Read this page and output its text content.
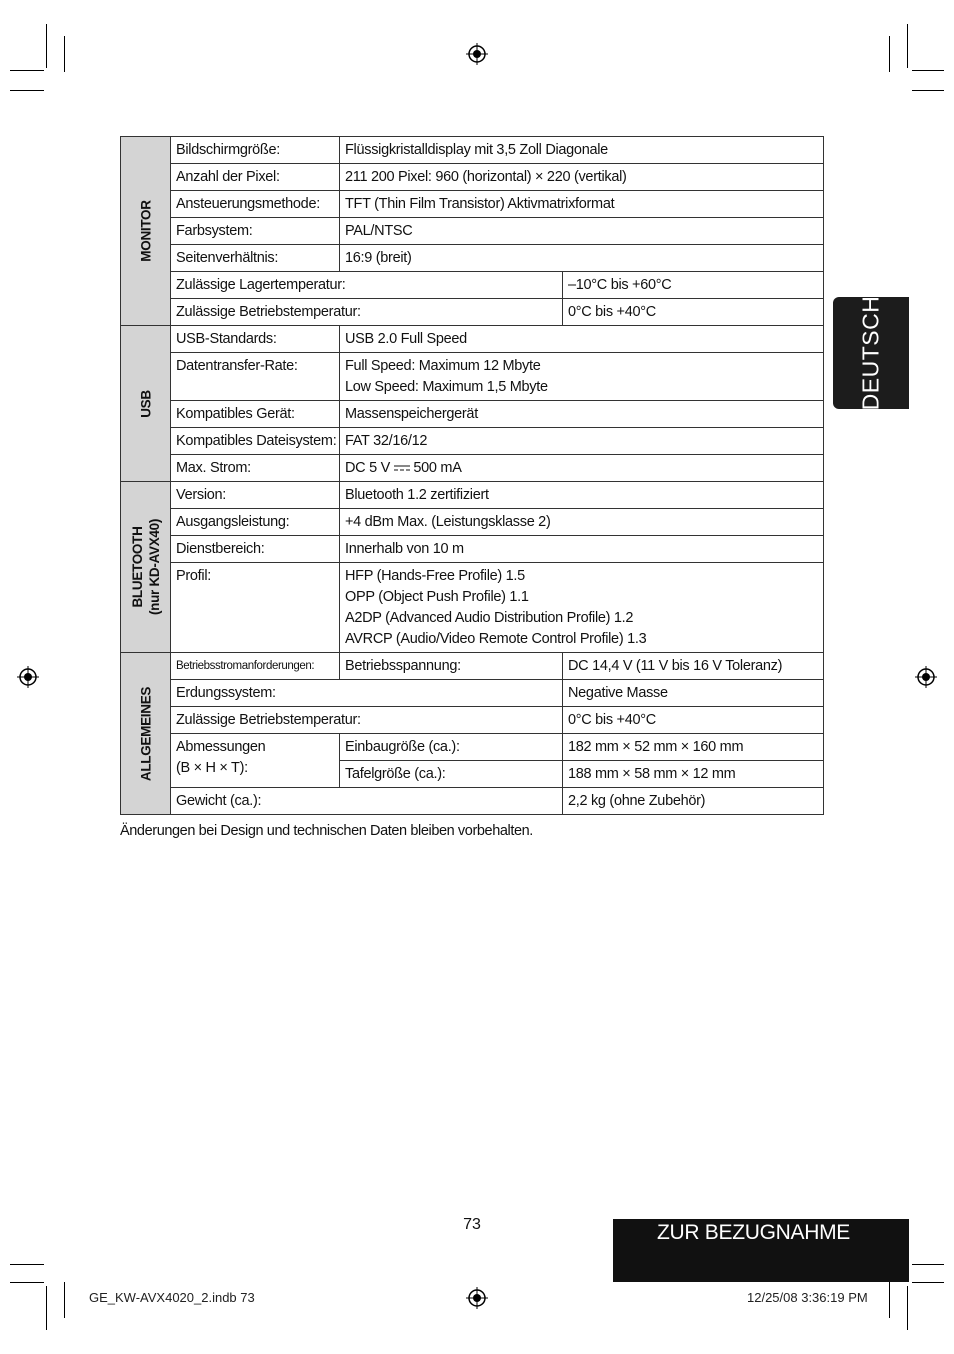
DEUTSCH
MONITOR	Bildschirmgröße:	Flüssigkristalldisplay mit 3,5 Zoll Diagonale	
	Anzahl der Pixel:	211 200 Pixel: 960 (horizontal) × 220 (vertikal)	
	Ansteuerungsmethode:	TFT (Thin Film Transistor) Aktivmatrixformat	
	Farbsystem:	PAL/NTSC	
	Seitenverhältnis:	16:9 (breit)	
	Zulässige Lagertemperatur:		–10°C bis +60°C
	Zulässige Betriebstemperatur:		0°C bis +40°C

USB	USB-Standards:	USB 2.0 Full Speed	
	Datentransfer-Rate:	Full Speed: Maximum 12 Mbyte
Low Speed: Maximum 1,5 Mbyte	

	Kompatibles Gerät:	Massenspeichergerät	
	Kompatibles Dateisystem:	FAT 32/16/12	
	Max. Strom:	DC 5 V 500 mA	

BLUETOOTH (nur KD-AVX40)	Version:	Bluetooth 1.2 zertifiziert	
	Ausgangsleistung:	+4 dBm Max. (Leistungsklasse 2)	
	Dienstbereich:	Innerhalb von 10 m	
	Profil:	HFP (Hands-Free Profile) 1.5
OPP (Object Push Profile) 1.1
A2DP (Advanced Audio Distribution Profile) 1.2
AVRCP (Audio/Video Remote Control Profile) 1.3	

ALLGEMEINES	Betriebsstromanforderungen:	Betriebsspannung:	DC 14,4 V (11 V bis 16 V Toleranz)
	Erdungssystem:		Negative Masse
	Zulässige Betriebstemperatur:		0°C bis +40°C

	Abmessungen
(B × H × T):	Einbaugröße (ca.):	182 mm × 52 mm × 160 mm
		Tafelgröße (ca.):	188 mm × 58 mm × 12 mm
	Gewicht (ca.):		2,2 kg (ohne Zubehör)
Änderungen bei Design und technischen Daten bleiben vorbehalten.
73	ZUR BEZUGNAHME
GE_KW-AVX4020_2.indb 73	12/25/08 3:36:19 PM
